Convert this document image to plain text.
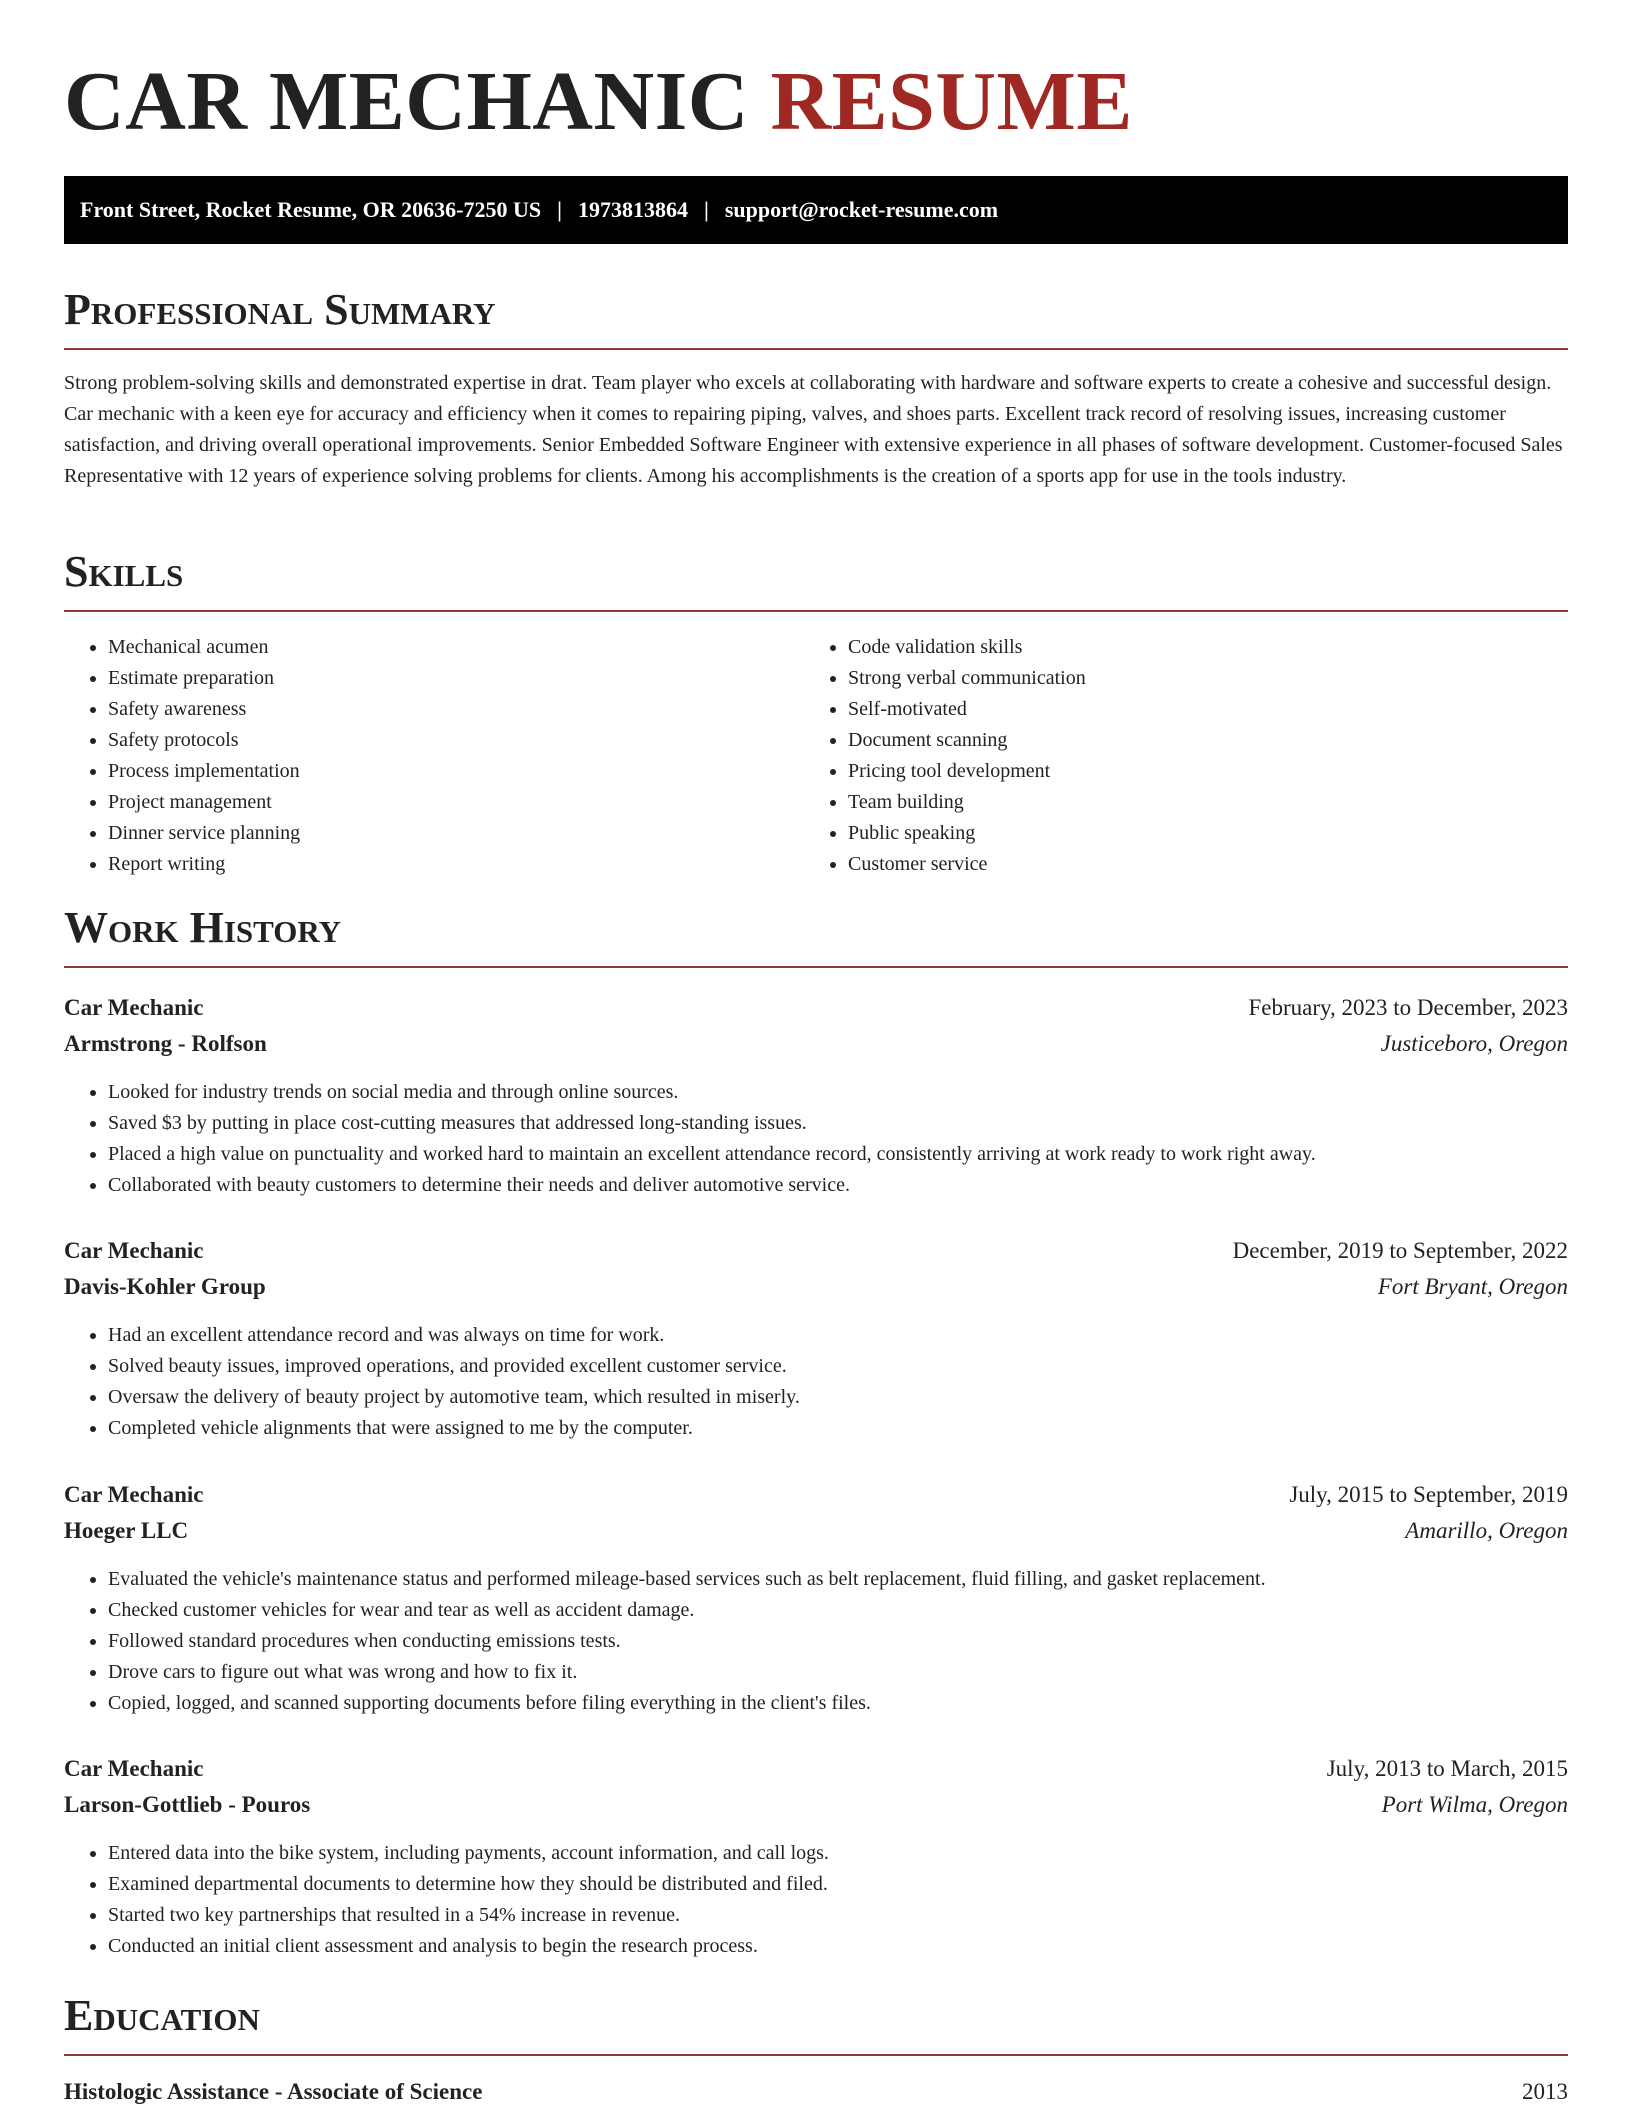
CAR MECHANIC RESUME
Front Street, Rocket Resume, OR 20636-7250 US | 1973813864 | support@rocket-resume.com
Professional Summary

Strong problem-solving skills and demonstrated expertise in drat. Team player who excels at collaborating with hardware and software experts to create a cohesive and successful design. Car mechanic with a keen eye for accuracy and efficiency when it comes to repairing piping, valves, and shoes parts. Excellent track record of resolving issues, increasing customer satisfaction, and driving overall operational improvements. Senior Embedded Software Engineer with extensive experience in all phases of software development. Customer-focused Sales Representative with 12 years of experience solving problems for clients. Among his accomplishments is the creation of a sports app for use in the tools industry.

Skills
• Mechanical acumen
• Estimate preparation
• Safety awareness
• Safety protocols
• Process implementation
• Project management
• Dinner service planning
• Report writing
• Code validation skills
• Strong verbal communication
• Self-motivated
• Document scanning
• Pricing tool development
• Team building
• Public speaking
• Customer service
Work History
Car Mechanic	February, 2023 to December, 2023
Armstrong - Rolfson	Justiceboro, Oregon
• Looked for industry trends on social media and through online sources.
• Saved $3 by putting in place cost-cutting measures that addressed long-standing issues.
• Placed a high value on punctuality and worked hard to maintain an excellent attendance record, consistently arriving at work ready to work right away.
• Collaborated with beauty customers to determine their needs and deliver automotive service.
Car Mechanic	December, 2019 to September, 2022
Davis-Kohler Group	Fort Bryant, Oregon
• Had an excellent attendance record and was always on time for work.
• Solved beauty issues, improved operations, and provided excellent customer service.
• Oversaw the delivery of beauty project by automotive team, which resulted in miserly.
• Completed vehicle alignments that were assigned to me by the computer.
Car Mechanic	July, 2015 to September, 2019
Hoeger LLC	Amarillo, Oregon
• Evaluated the vehicle's maintenance status and performed mileage-based services such as belt replacement, fluid filling, and gasket replacement.
• Checked customer vehicles for wear and tear as well as accident damage.
• Followed standard procedures when conducting emissions tests.
• Drove cars to figure out what was wrong and how to fix it.
• Copied, logged, and scanned supporting documents before filing everything in the client's files.
Car Mechanic	July, 2013 to March, 2015
Larson-Gottlieb - Pouros	Port Wilma, Oregon
• Entered data into the bike system, including payments, account information, and call logs.
• Examined departmental documents to determine how they should be distributed and filed.
• Started two key partnerships that resulted in a 54% increase in revenue.
• Conducted an initial client assessment and analysis to begin the research process.
Education
Histologic Assistance - Associate of Science	2013
